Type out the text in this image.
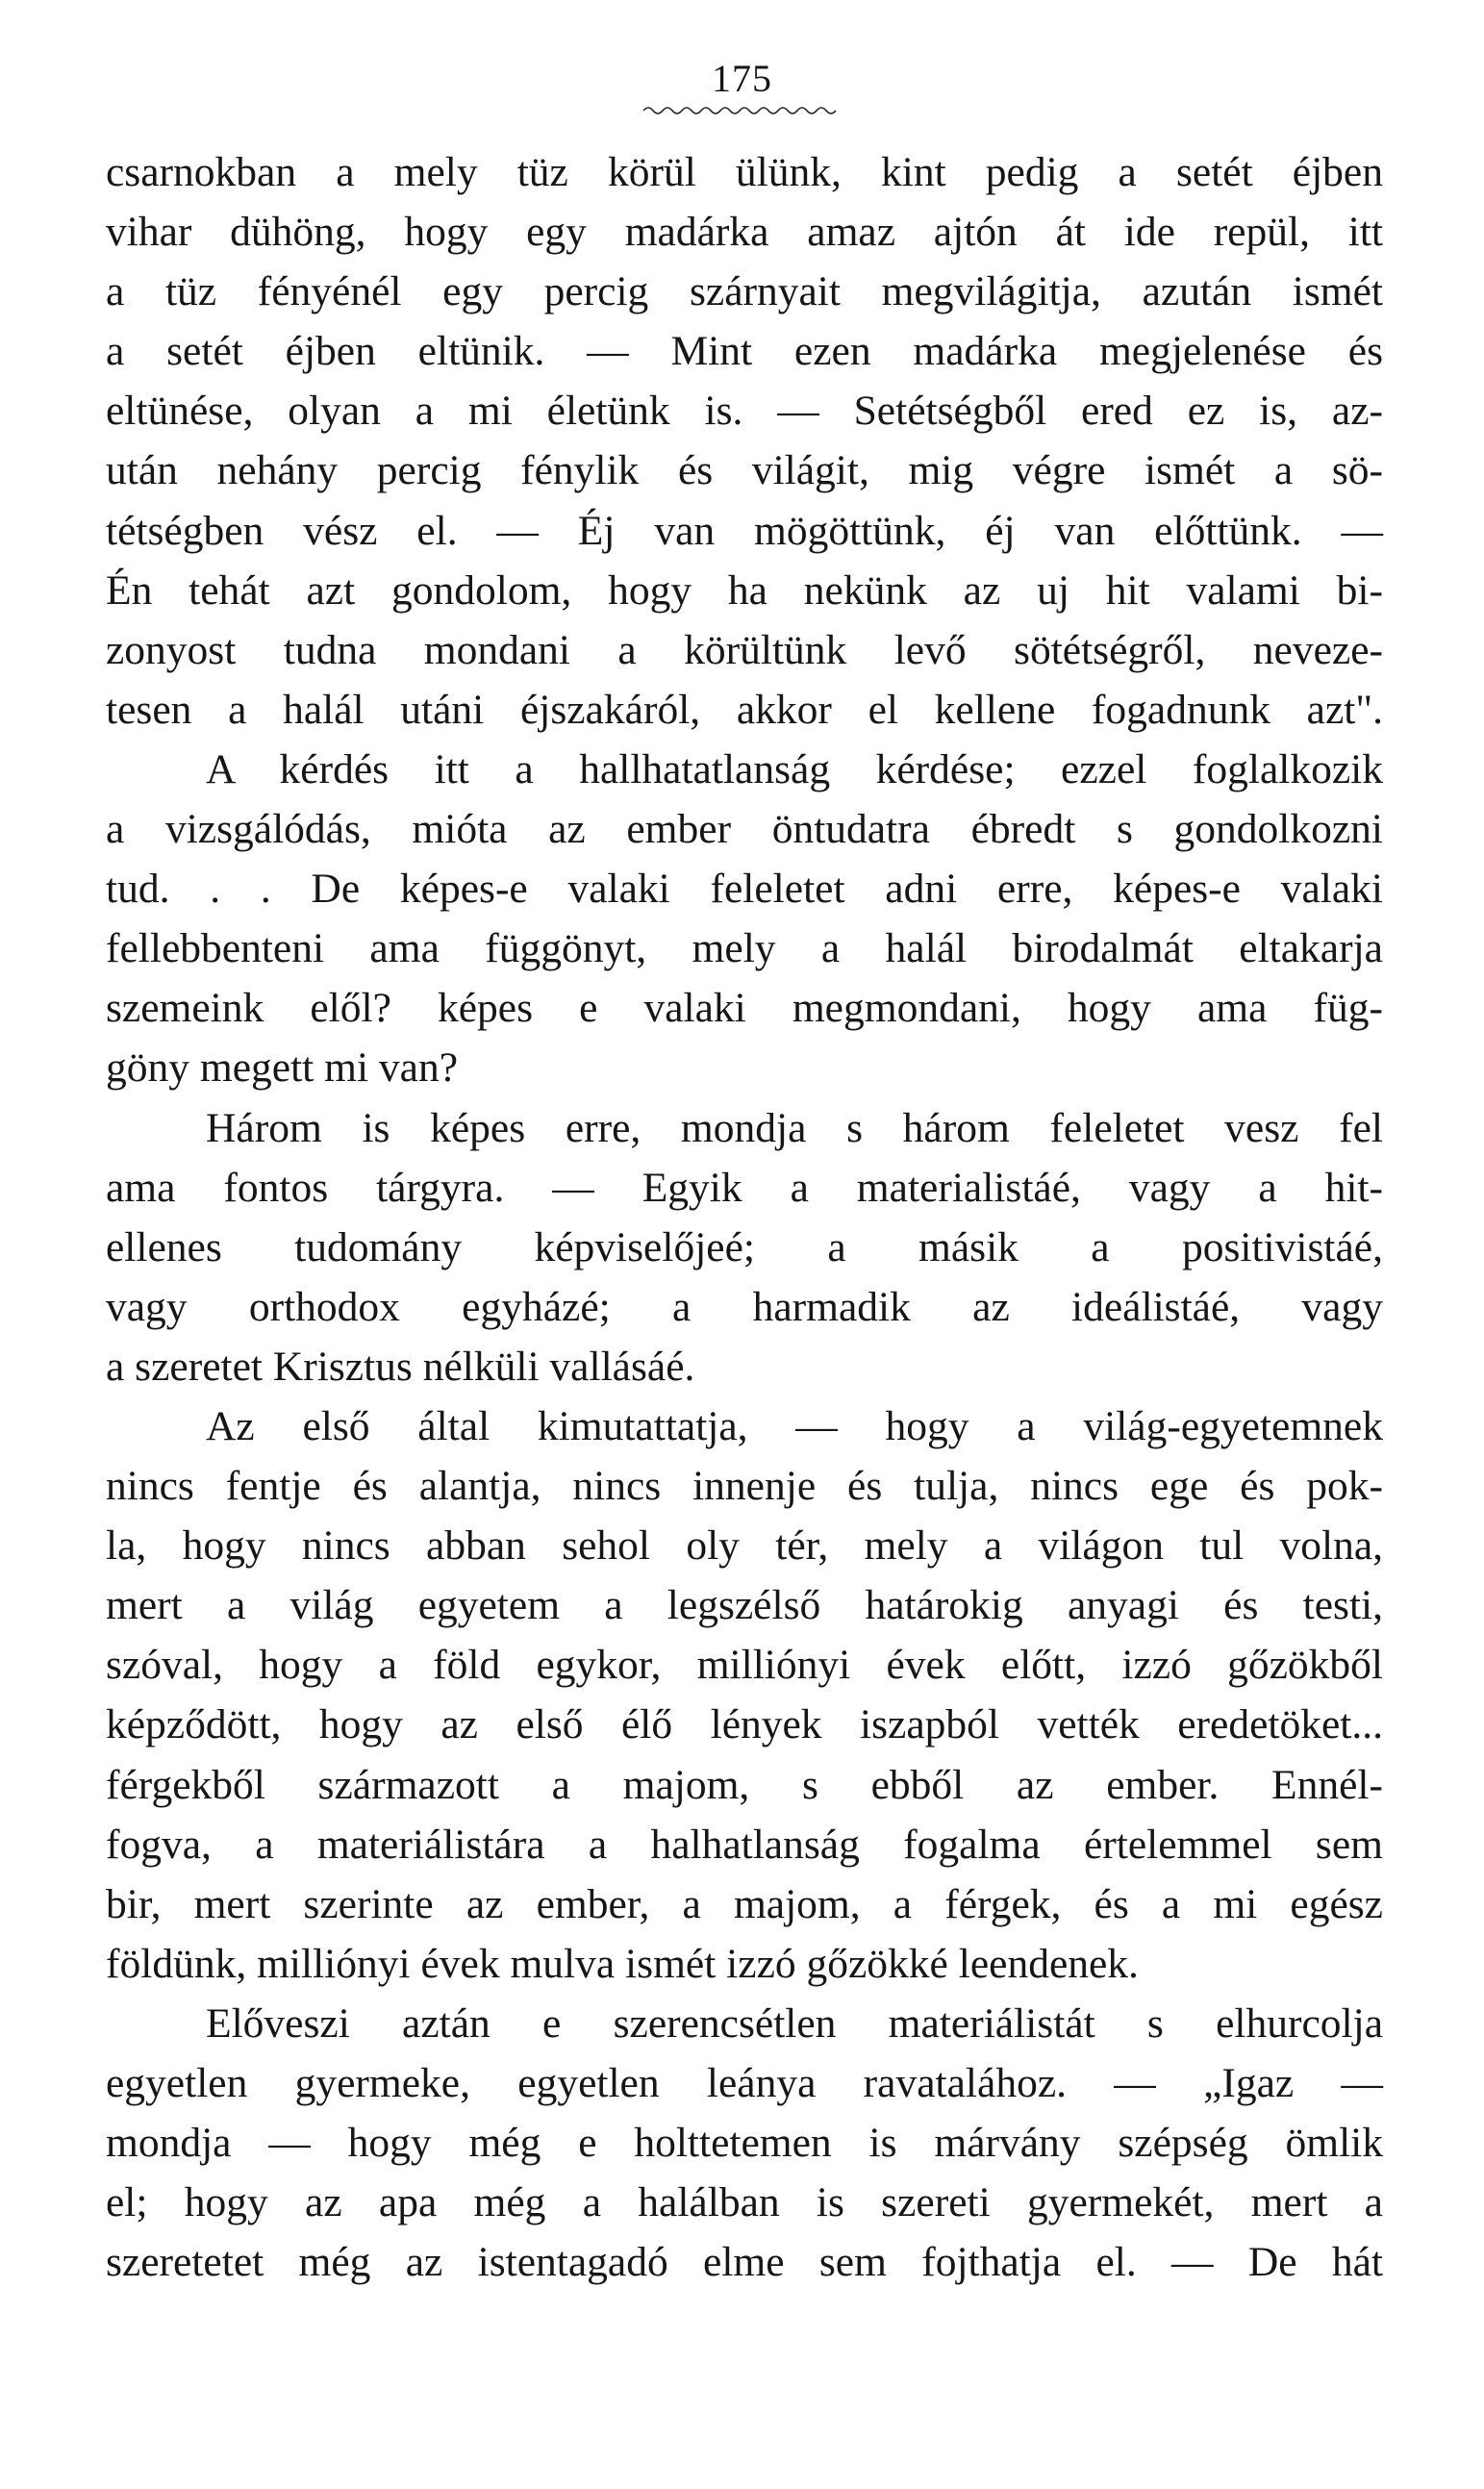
175
csarnokban a mely tüz körül ülünk, kint pedig a setét éjben
vihar dühöng, hogy egy madárka amaz ajtón át ide repül, itt
a tüz fényénél egy percig szárnyait megvilágitja, azután ismét
a setét éjben eltünik. — Mint ezen madárka megjelenése és
eltünése, olyan a mi életünk is. — Setétségből ered ez is, az-
után nehány percig fénylik és világit, mig végre ismét a sö-
tétségben vész el. — Éj van mögöttünk, éj van előttünk. —
Én tehát azt gondolom, hogy ha nekünk az uj hit valami bi-
zonyost tudna mondani a körültünk levő sötétségről, neveze-
tesen a halál utáni éjszakáról, akkor el kellene fogadnunk azt".
A kérdés itt a hallhatatlanság kérdése; ezzel foglalkozik
a vizsgálódás, mióta az ember öntudatra ébredt s gondolkozni
tud. . . De képes-e valaki feleletet adni erre, képes-e valaki
fellebbenteni ama függönyt, mely a halál birodalmát eltakarja
szemeink elől? képes e valaki megmondani, hogy ama füg-
göny megett mi van?
Három is képes erre, mondja s három feleletet vesz fel
ama fontos tárgyra. — Egyik a materialistáé, vagy a hit-
ellenes tudomány képviselőjeé; a másik a positivistáé,
vagy orthodox egyházé; a harmadik az ideálistáé, vagy
a szeretet Krisztus nélküli vallásáé.
Az első által kimutattatja, — hogy a világ-egyetemnek
nincs fentje és alantja, nincs innenje és tulja, nincs ege és pok-
la, hogy nincs abban sehol oly tér, mely a világon tul volna,
mert a világ egyetem a legszélső határokig anyagi és testi,
szóval, hogy a föld egykor, milliónyi évek előtt, izzó gőzökből
képződött, hogy az első élő lények iszapból vették eredetöket...
férgekből származott a majom, s ebből az ember. Ennél-
fogva, a materiálistára a halhatlanság fogalma értelemmel sem
bir, mert szerinte az ember, a majom, a férgek, és a mi egész
földünk, milliónyi évek mulva ismét izzó gőzökké leendenek.
Előveszi aztán e szerencsétlen materiálistát s elhurcolja
egyetlen gyermeke, egyetlen leánya ravatalához. — „Igaz —
mondja — hogy még e holttetemen is márvány szépség ömlik
el; hogy az apa még a halálban is szereti gyermekét, mert a
szeretetet még az istentagadó elme sem fojthatja el. — De hát
